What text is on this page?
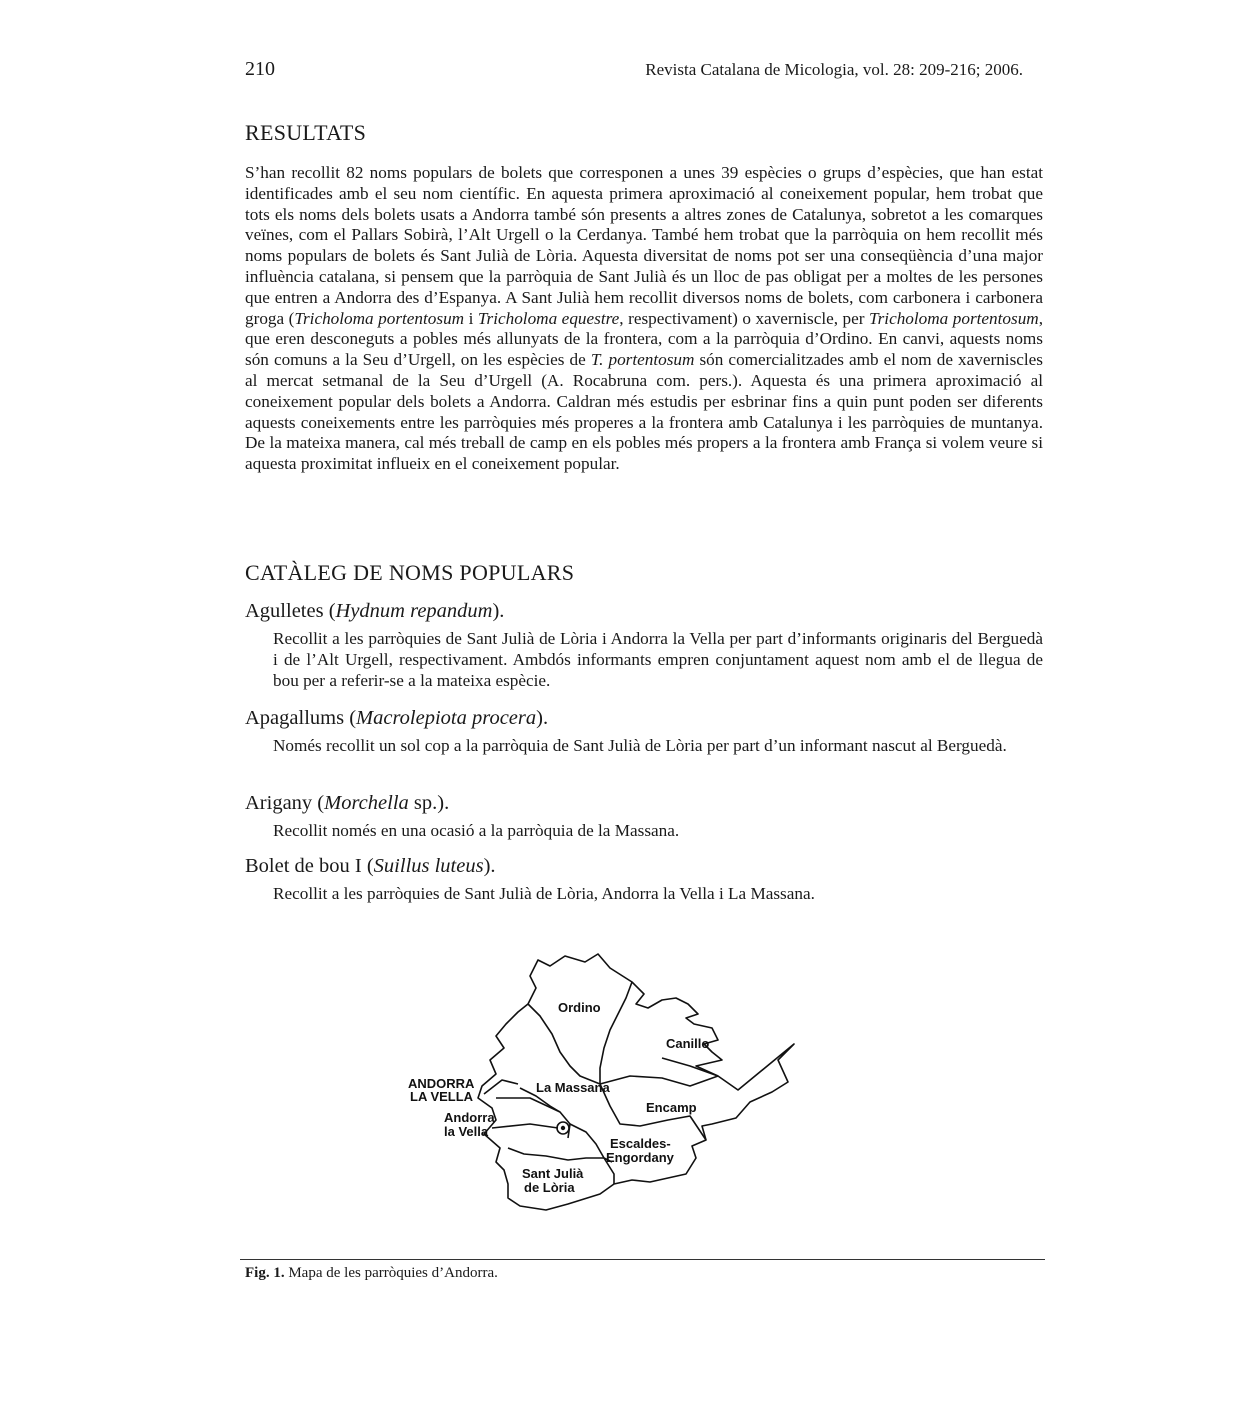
210	Revista Catalana de Micologia, vol. 28: 209-216; 2006.
RESULTATS

S’han recollit 82 noms populars de bolets que corresponen a unes 39 espècies o grups d’espècies, que han estat identificades amb el seu nom científic. En aquesta primera aproximació al coneixement popular, hem trobat que tots els noms dels bolets usats a Andorra també són presents a altres zones de Catalunya, sobretot a les comarques veïnes, com el Pallars Sobirà, l’Alt Urgell o la Cerdanya. També hem trobat que la parròquia on hem recollit més noms populars de bolets és Sant Julià de Lòria. Aquesta diversitat de noms pot ser una conseqüència d’una major influència catalana, si pensem que la parròquia de Sant Julià és un lloc de pas obligat per a moltes de les persones que entren a Andorra des d’Espanya. A Sant Julià hem recollit diversos noms de bolets, com carbonera i carbonera groga (Tricholoma portentosum i Tricholoma equestre, respectivament) o xaverniscle, per Tricholoma portentosum, que eren desconeguts a pobles més allunyats de la frontera, com a la parròquia d’Ordino. En canvi, aquests noms són comuns a la Seu d’Urgell, on les espècies de T. portentosum són comercialitzades amb el nom de xaverniscles al mercat setmanal de la Seu d’Urgell (A. Rocabruna com. pers.). Aquesta és una primera aproximació al coneixement popular dels bolets a Andorra. Caldran més estudis per esbrinar fins a quin punt poden ser diferents aquests coneixements entre les parròquies més properes a la frontera amb Catalunya i les parròquies de muntanya. De la mateixa manera, cal més treball de camp en els pobles més propers a la frontera amb França si volem veure si aquesta proximitat influeix en el coneixement popular.

CATÀLEG DE NOMS POPULARS
Agulletes (Hydnum repandum).

Recollit a les parròquies de Sant Julià de Lòria i Andorra la Vella per part d’informants originaris del Berguedà i de l’Alt Urgell, respectivament. Ambdós informants empren conjuntament aquest nom amb el de llegua de bou per a referir-se a la mateixa espècie.

Apagallums (Macrolepiota procera).

Només recollit un sol cop a la parròquia de Sant Julià de Lòria per part d’un informant nascut al Berguedà.

Arigany (Morchella sp.).

Recollit només en una ocasió a la parròquia de la Massana.

Bolet de bou I (Suillus luteus).

Recollit a les parròquies de Sant Julià de Lòria, Andorra la Vella i La Massana.

Ordino
Canillo
La Massana
Encamp
ANDORRA
LA VELLA
Andorra
la Vella
Escaldes-
Engordany
Sant Julià
de Lòria
Fig. 1. Mapa de les parròquies d’Andorra.
